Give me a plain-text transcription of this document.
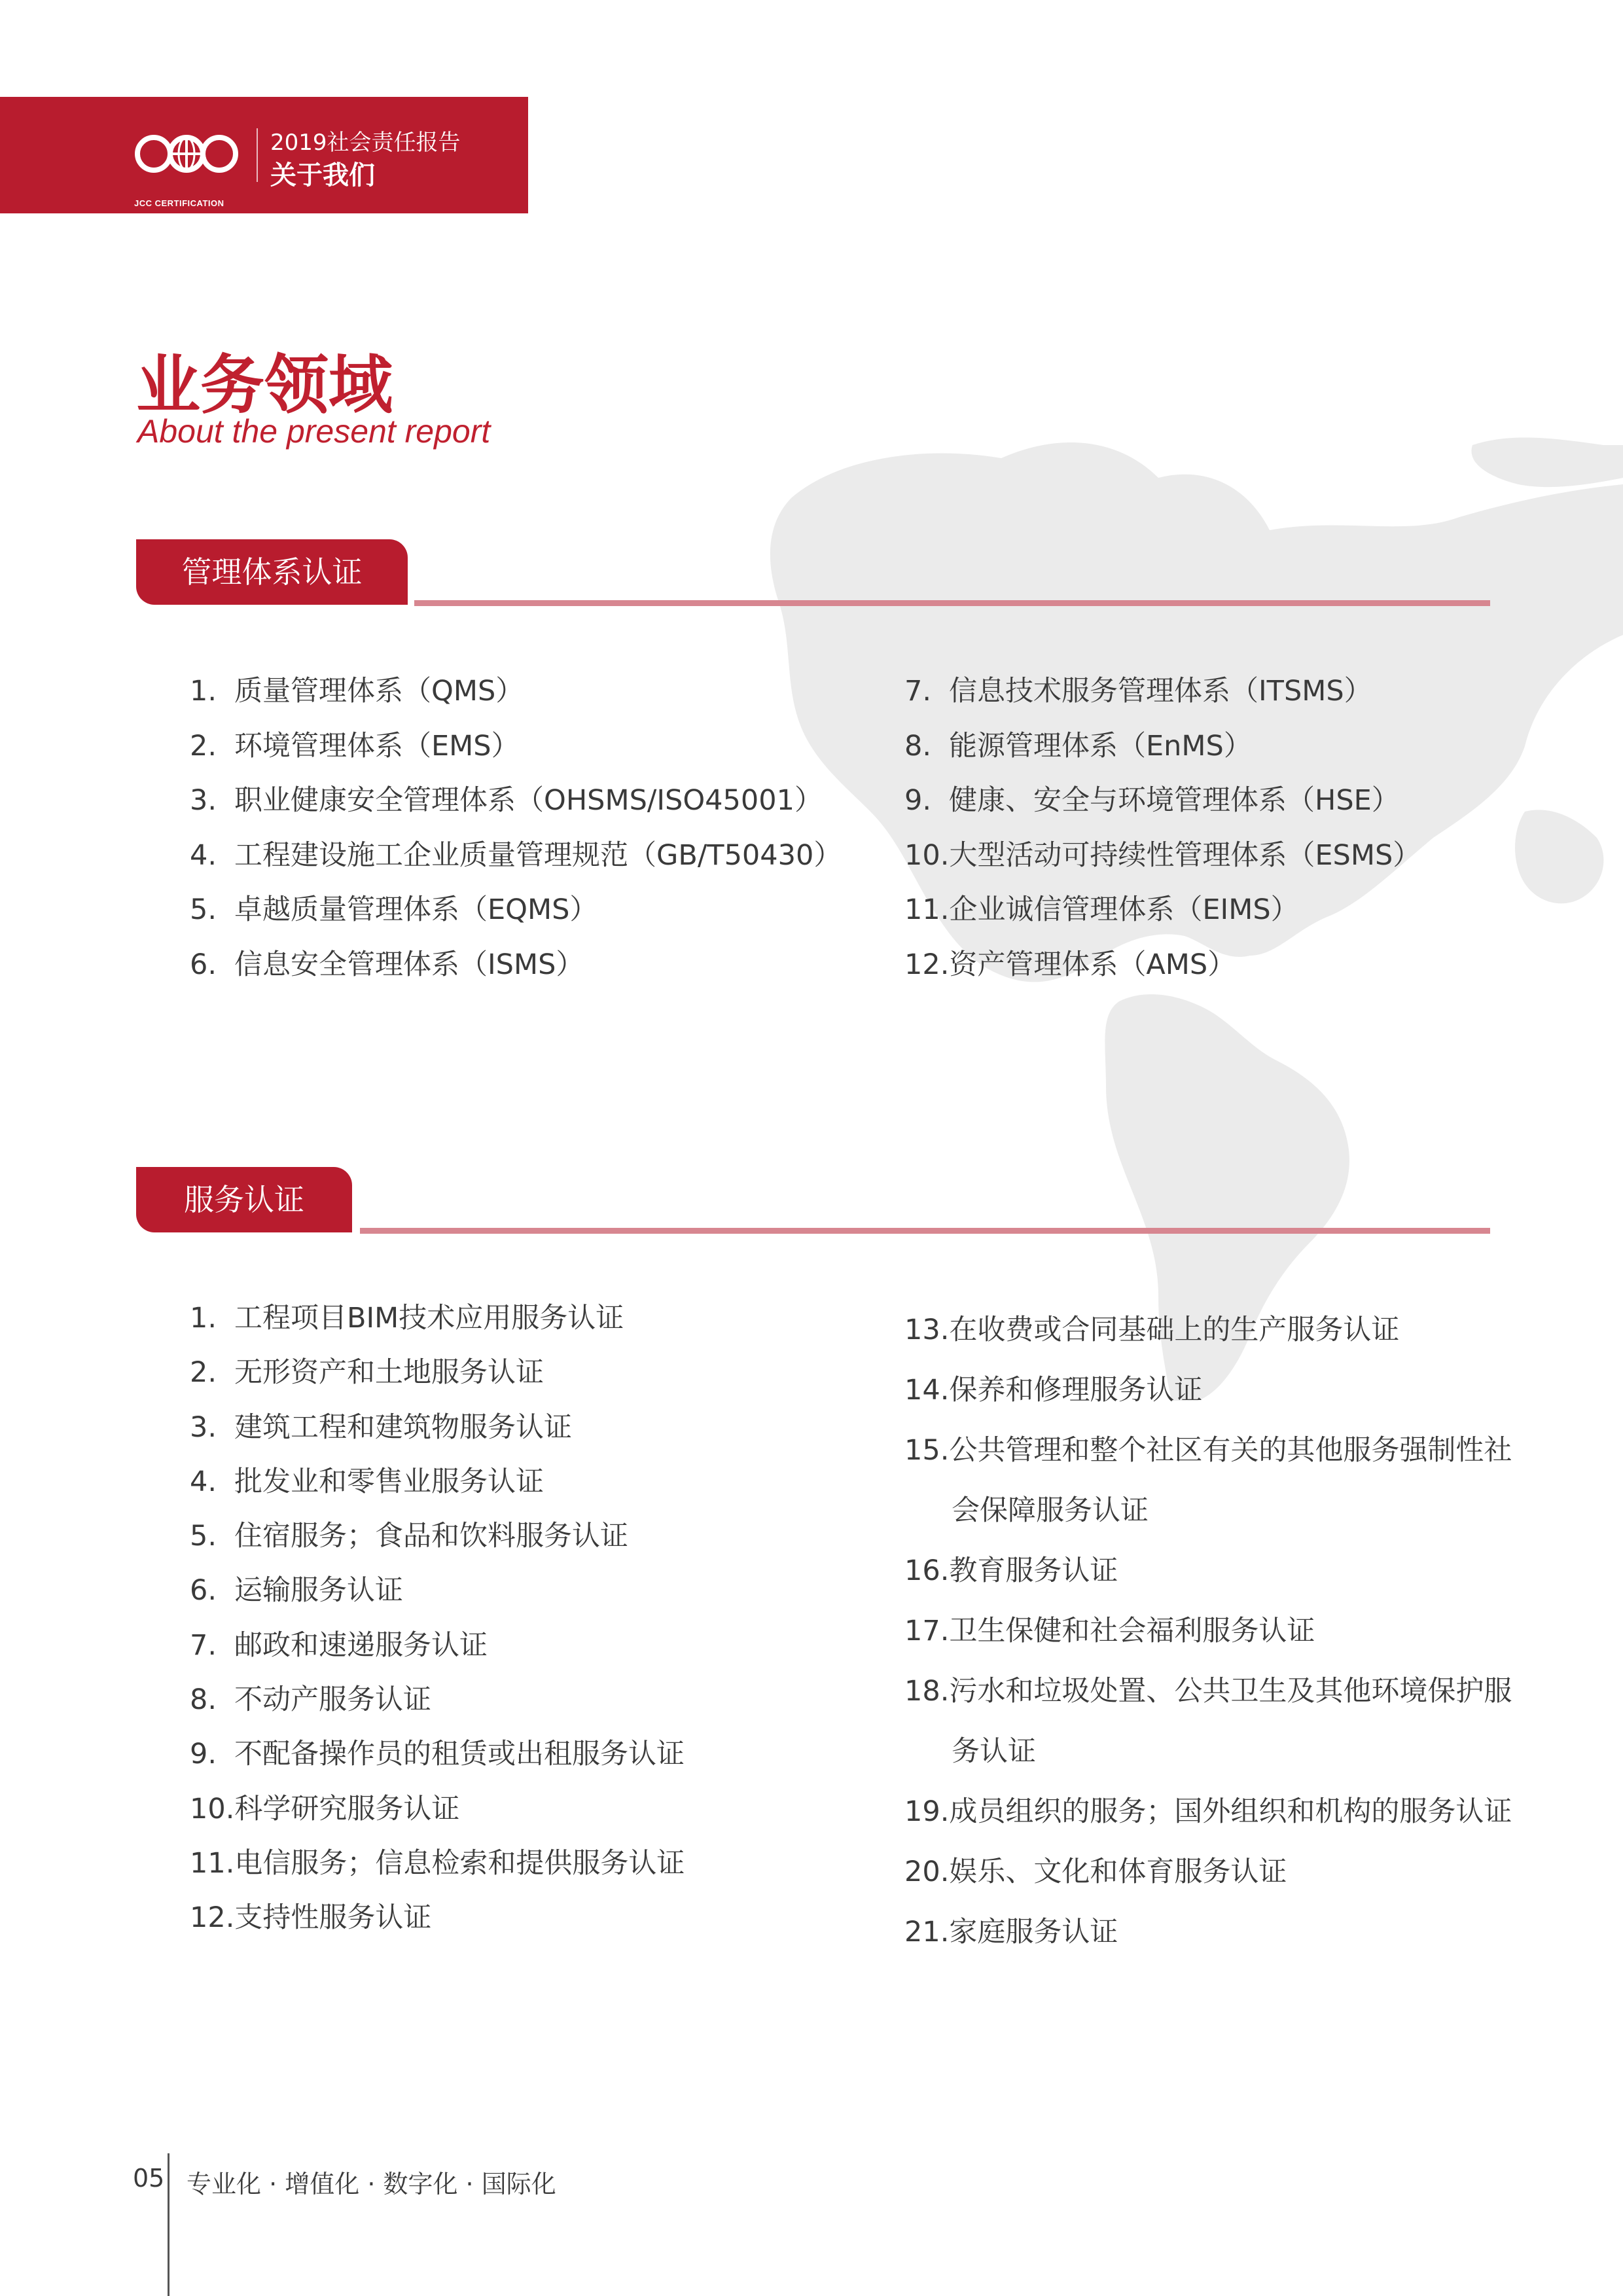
JCC CERTIFICATION
2019社会责任报告
关于我们
业务领域
About the present report
管理体系认证
1. 质量管理体系（QMS）
2. 环境管理体系（EMS）
3. 职业健康安全管理体系（OHSMS/ISO45001）
4. 工程建设施工企业质量管理规范（GB/T50430）
5. 卓越质量管理体系（EQMS）
6. 信息安全管理体系（ISMS）
7. 信息技术服务管理体系（ITSMS）
8. 能源管理体系（EnMS）
9. 健康、安全与环境管理体系（HSE）
10.大型活动可持续性管理体系（ESMS）
11.企业诚信管理体系（EIMS）
12.资产管理体系（AMS）
服务认证
1. 工程项目BIM技术应用服务认证
2. 无形资产和土地服务认证
3. 建筑工程和建筑物服务认证
4. 批发业和零售业服务认证
5. 住宿服务；食品和饮料服务认证
6. 运输服务认证
7. 邮政和速递服务认证
8. 不动产服务认证
9. 不配备操作员的租赁或出租服务认证
10.科学研究服务认证
11.电信服务；信息检索和提供服务认证
12.支持性服务认证
13.在收费或合同基础上的生产服务认证
14.保养和修理服务认证
15.公共管理和整个社区有关的其他服务强制性社
会保障服务认证
16.教育服务认证
17.卫生保健和社会福利服务认证
18.污水和垃圾处置、公共卫生及其他环境保护服
务认证
19.成员组织的服务；国外组织和机构的服务认证
20.娱乐、文化和体育服务认证
21.家庭服务认证
05 专业化 · 增值化 · 数字化 · 国际化
